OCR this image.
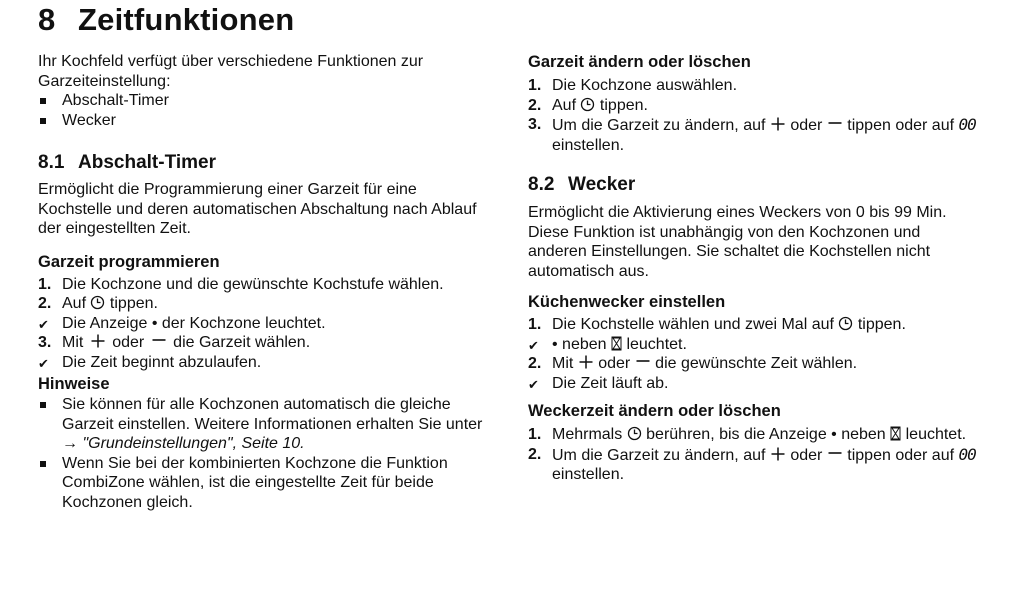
8 Zeitfunktionen

Ihr Kochfeld verfügt über verschiedene Funktionen zur Garzeiteinstellung:

Abschalt-Timer
Wecker
8.1 Abschalt-Timer

Ermöglicht die Programmierung einer Garzeit für eine Kochstelle und deren automatischen Abschaltung nach Ablauf der eingestellten Zeit.

Garzeit programmieren
1. Die Kochzone und die gewünschte Kochstufe wählen.
2. Auf tippen.
✔ Die Anzeige • der Kochzone leuchtet.
3. Mit oder die Garzeit wählen.
✔ Die Zeit beginnt abzulaufen.
Hinweise
Sie können für alle Kochzonen automatisch die gleiche Garzeit einstellen. Weitere Informationen erhalten Sie unter
→ "Grundeinstellungen", Seite 10.
Wenn Sie bei der kombinierten Kochzone die Funktion CombiZone wählen, ist die eingestellte Zeit für beide Kochzonen gleich.
Garzeit ändern oder löschen
1. Die Kochzone auswählen.
2. Auf tippen.
3. Um die Garzeit zu ändern, auf oder tippen oder auf 00 einstellen.
8.2 Wecker

Ermöglicht die Aktivierung eines Weckers von 0 bis 99 Min. Diese Funktion ist unabhängig von den Kochzonen und anderen Einstellungen. Sie schaltet die Kochstellen nicht automatisch aus.

Küchenwecker einstellen
1. Die Kochstelle wählen und zwei Mal auf tippen.
✔ • neben leuchtet.
2. Mit oder die gewünschte Zeit wählen.
✔ Die Zeit läuft ab.
Weckerzeit ändern oder löschen
1. Mehrmals berühren, bis die Anzeige • neben leuchtet.
2. Um die Garzeit zu ändern, auf oder tippen oder auf 00 einstellen.
